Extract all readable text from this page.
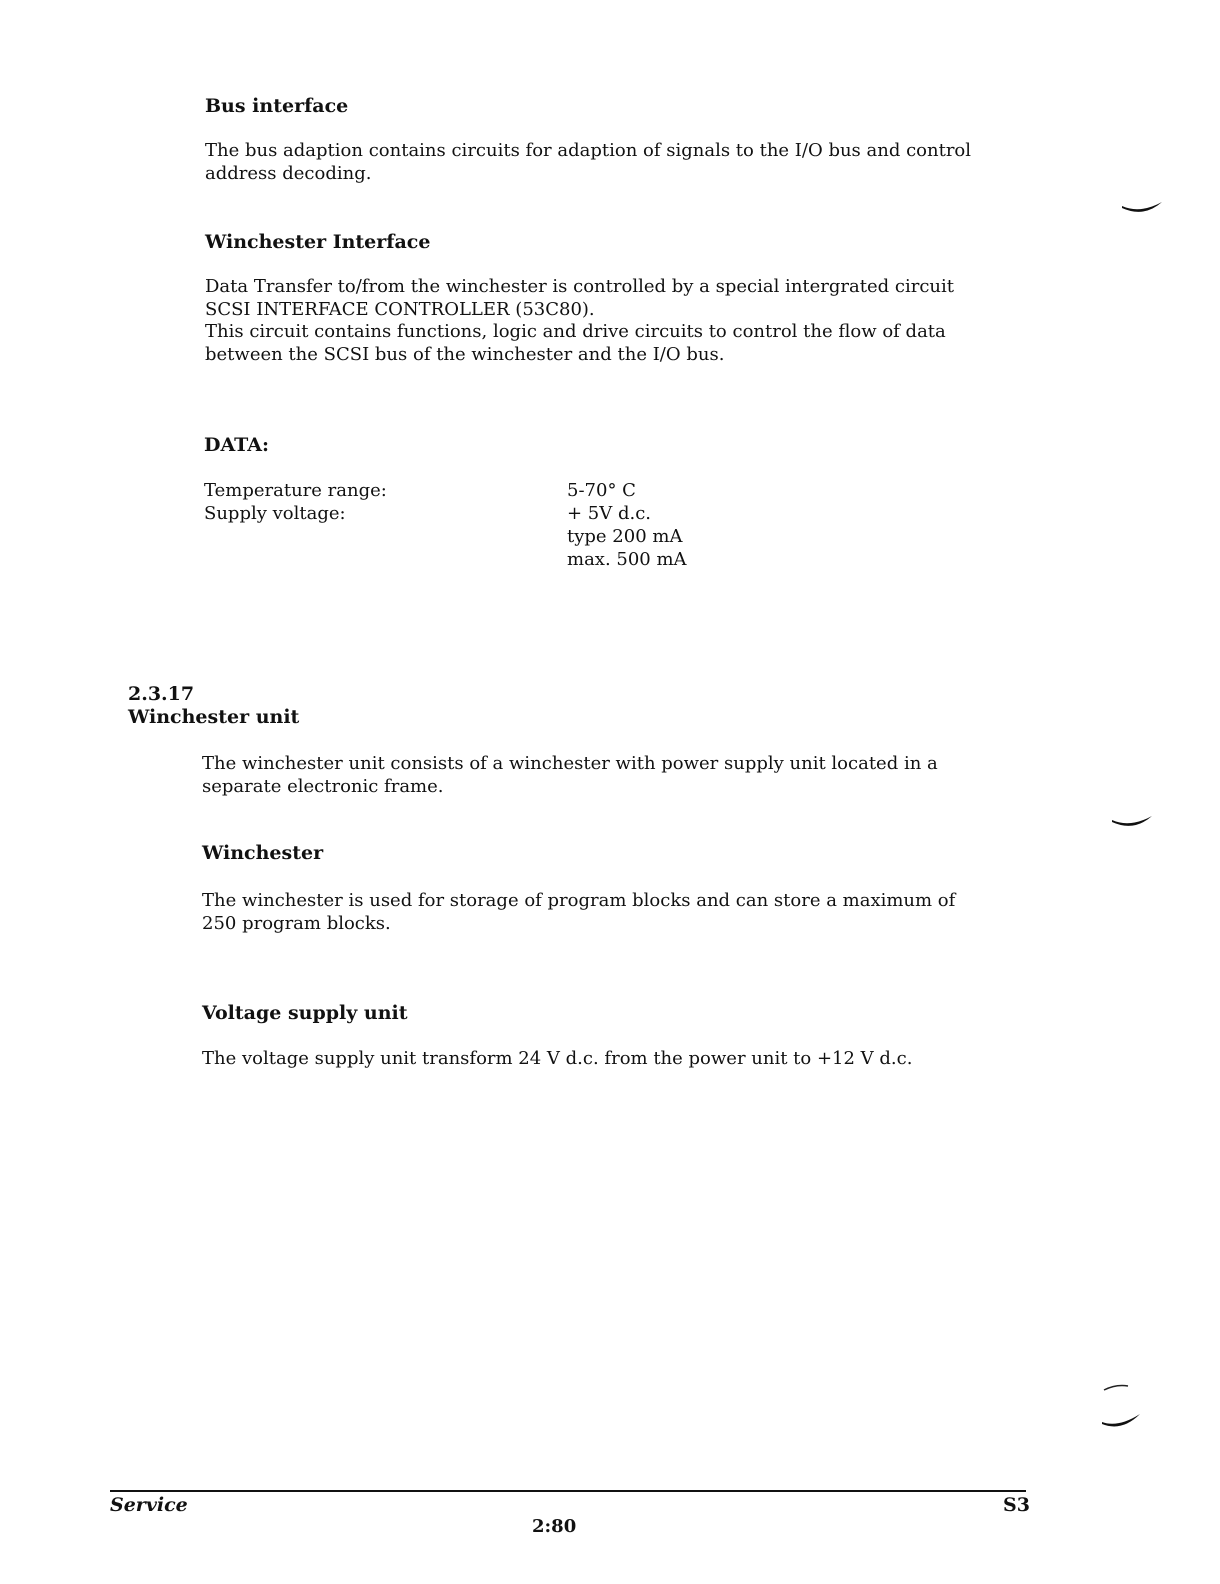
Bus interface
The bus adaption contains circuits for adaption of signals to the I/O bus and control address decoding.
Winchester Interface
Data Transfer to/from the winchester is controlled by a special intergrated circuit SCSI INTERFACE CONTROLLER (53C80).
This circuit contains functions, logic and drive circuits to control the flow of data between the SCSI bus of the winchester and the I/O bus.
DATA:
Temperature range:
Supply voltage:
5-70° C
+ 5V d.c.
type 200 mA
max. 500 mA
2.3.17
Winchester unit
The winchester unit consists of a winchester with power supply unit located in a separate electronic frame.
Winchester
The winchester is used for storage of program blocks and can store a maximum of 250 program blocks.
Voltage supply unit
The voltage supply unit transform 24 V d.c. from the power unit to +12 V d.c.
Service	S3
2:80
